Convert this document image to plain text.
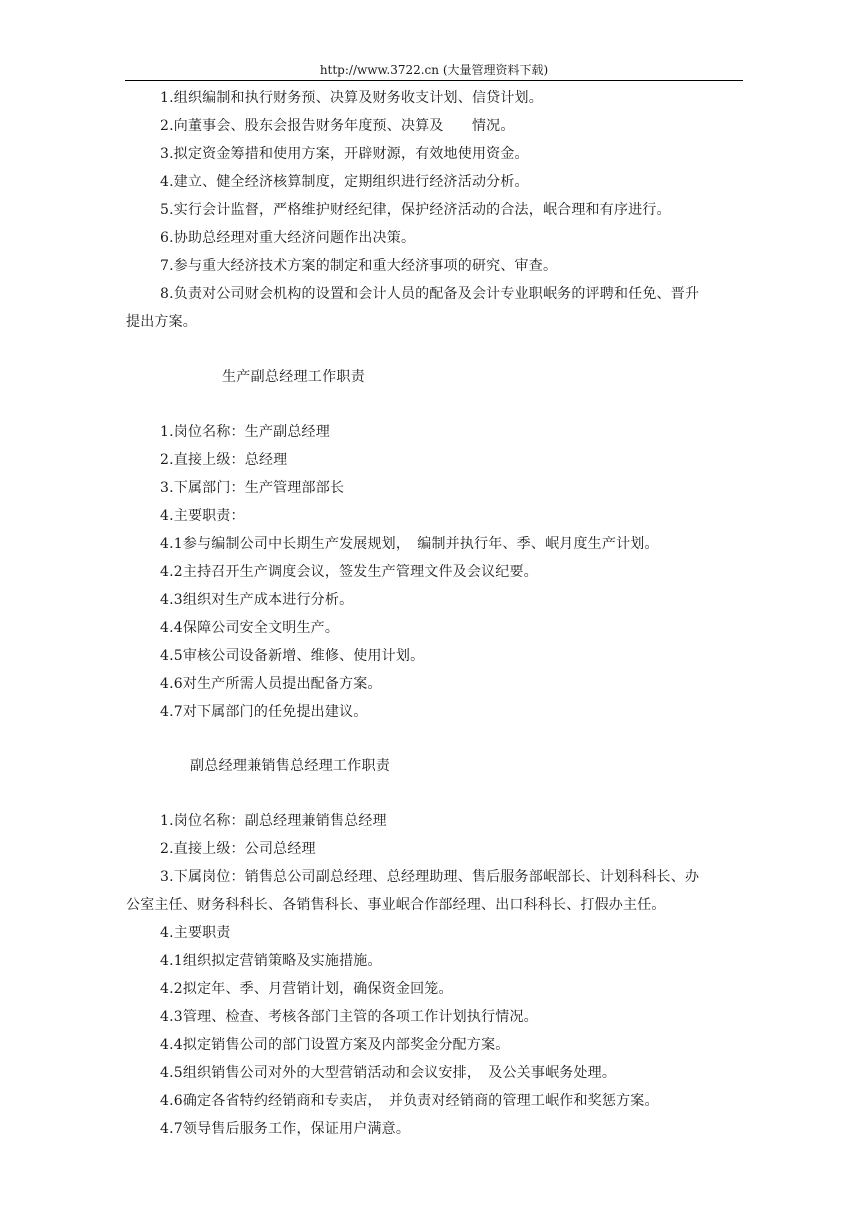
http://www.3722.cn (大量管理资料下载)
1.组织编制和执行财务预、决算及财务收支计划、信贷计划。
2.向董事会、股东会报告财务年度预、决算及　　情况。
3.拟定资金筹措和使用方案，开辟财源，有效地使用资金。
4.建立、健全经济核算制度，定期组织进行经济活动分析。
5.实行会计监督，严格维护财经纪律，保护经济活动的合法，岷合理和有序进行。
6.协助总经理对重大经济问题作出决策。
7.参与重大经济技术方案的制定和重大经济事项的研究、审查。
8.负责对公司财会机构的设置和会计人员的配备及会计专业职岷务的评聘和任免、晋升
提出方案。
生产副总经理工作职责
1.岗位名称：生产副总经理
2.直接上级：总经理
3.下属部门：生产管理部部长
4.主要职责：
4.1参与编制公司中长期生产发展规划，　编制并执行年、季、岷月度生产计划。
4.2主持召开生产调度会议，签发生产管理文件及会议纪要。
4.3组织对生产成本进行分析。
4.4保障公司安全文明生产。
4.5审核公司设备新增、维修、使用计划。
4.6对生产所需人员提出配备方案。
4.7对下属部门的任免提出建议。
副总经理兼销售总经理工作职责
1.岗位名称：副总经理兼销售总经理
2.直接上级：公司总经理
3.下属岗位：销售总公司副总经理、总经理助理、售后服务部岷部长、计划科科长、办
公室主任、财务科科长、各销售科长、事业岷合作部经理、出口科科长、打假办主任。
4.主要职责
4.1组织拟定营销策略及实施措施。
4.2拟定年、季、月营销计划，确保资金回笼。
4.3管理、检查、考核各部门主管的各项工作计划执行情况。
4.4拟定销售公司的部门设置方案及内部奖金分配方案。
4.5组织销售公司对外的大型营销活动和会议安排，　及公关事岷务处理。
4.6确定各省特约经销商和专卖店，　并负责对经销商的管理工岷作和奖惩方案。
4.7领导售后服务工作，保证用户满意。
